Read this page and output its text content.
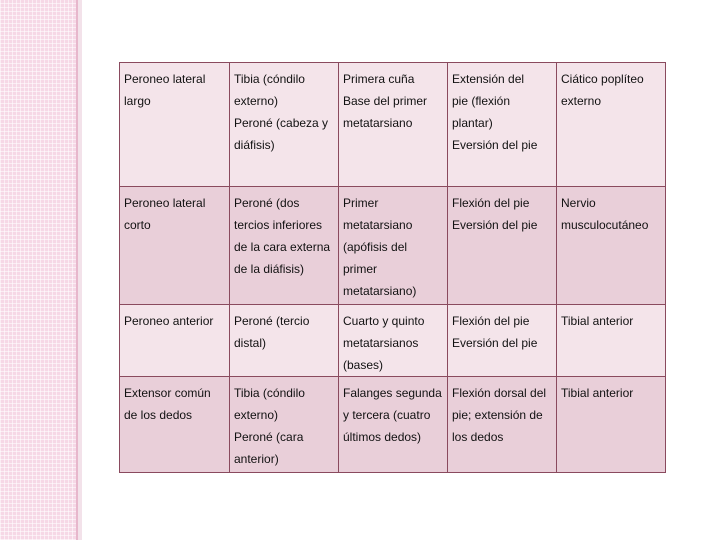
Peroneo lateral
largo	Tibia (cóndilo
externo)
Peroné (cabeza y
diáfisis)	Primera cuña
Base del primer
metatarsiano	Extensión del
pie (flexión
plantar)
Eversión del pie	Ciático poplíteo
externo

Peroneo lateral
corto	Peroné (dos
tercios inferiores
de la cara externa
de la diáfisis)	Primer
metatarsiano
(apófisis del
primer
metatarsiano)	Flexión del pie
Eversión del pie	Nervio
musculocutáneo

Peroneo anterior	Peroné (tercio
distal)	Cuarto y quinto
metatarsianos
(bases)	Flexión del pie
Eversión del pie	Tibial anterior

Extensor común
de los dedos	Tibia (cóndilo
externo)
Peroné (cara
anterior)	Falanges segunda
y tercera (cuatro
últimos dedos)	Flexión dorsal del
pie; extensión de
los dedos	Tibial anterior
